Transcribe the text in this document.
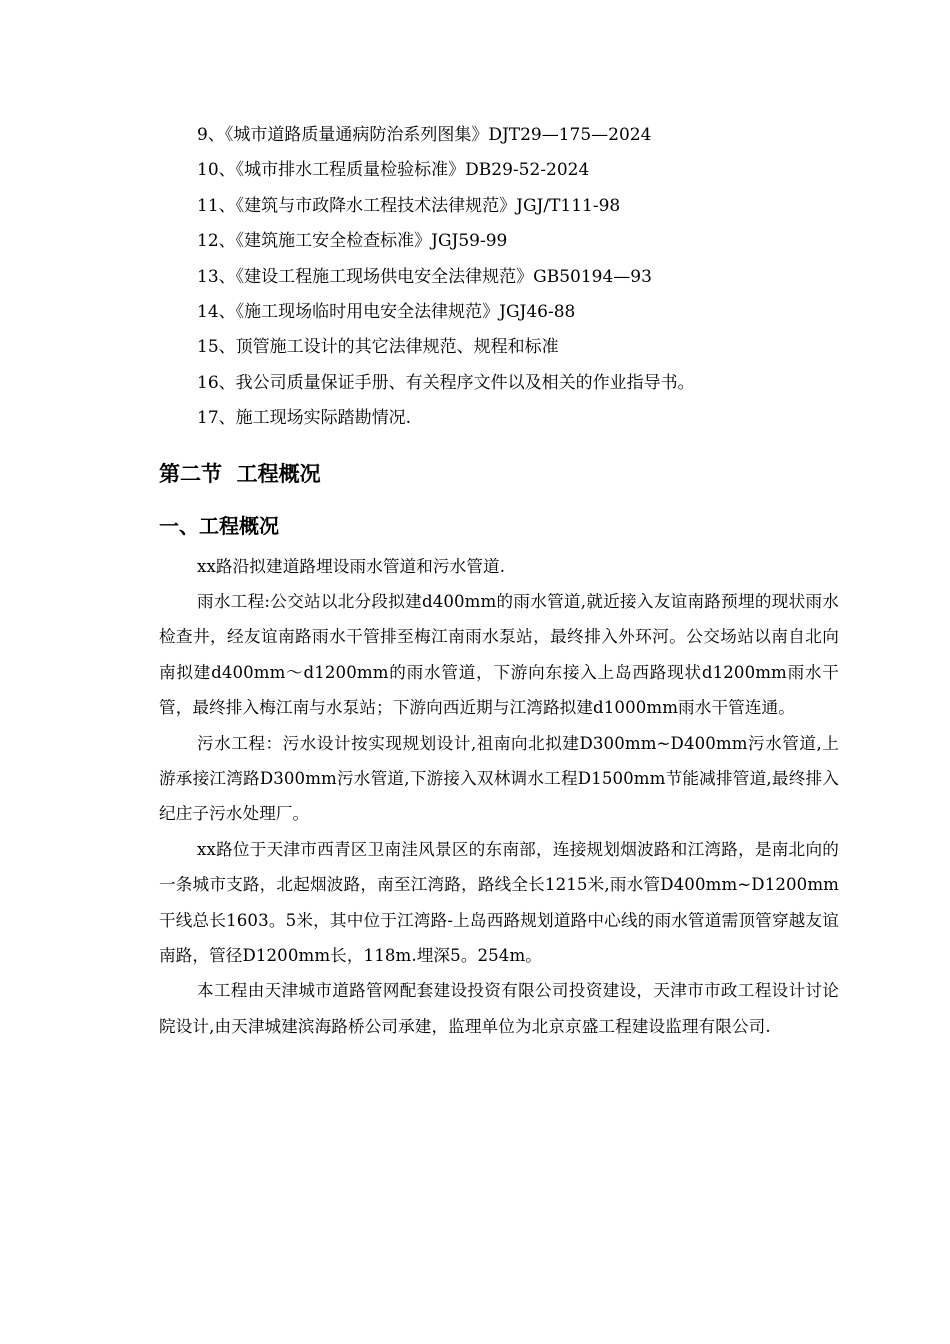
9、《城市道路质量通病防治系列图集》DJT29—175—2024
10、《城市排水工程质量检验标准》DB29-52-2024
11、《建筑与市政降水工程技术法律规范》JGJ/T111-98
12、《建筑施工安全检查标准》JGJ59-99
13、《建设工程施工现场供电安全法律规范》GB50194—93
14、《施工现场临时用电安全法律规范》JGJ46-88
15、顶管施工设计的其它法律规范、规程和标准
16、我公司质量保证手册、有关程序文件以及相关的作业指导书。
17、施工现场实际踏勘情况.
第二节  工程概况
一、工程概况

xx路沿拟建道路埋设雨水管道和污水管道.

雨水工程:公交站以北分段拟建d400mm的雨水管道,就近接入友谊南路预埋的现状雨水检查井，经友谊南路雨水干管排至梅江南雨水泵站，最终排入外环河。公交场站以南自北向南拟建d400mm～d1200mm的雨水管道，下游向东接入上岛西路现状d1200mm雨水干管，最终排入梅江南与水泵站；下游向西近期与江湾路拟建d1000mm雨水干管连通。

污水工程：污水设计按实现规划设计,祖南向北拟建D300mm~D400mm污水管道,上游承接江湾路D300mm污水管道,下游接入双林调水工程D1500mm节能减排管道,最终排入纪庄子污水处理厂。

xx路位于天津市西青区卫南洼风景区的东南部，连接规划烟波路和江湾路，是南北向的一条城市支路，北起烟波路，南至江湾路，路线全长1215米,雨水管D400mm~D1200mm干线总长1603。5米，其中位于江湾路-上岛西路规划道路中心线的雨水管道需顶管穿越友谊南路，管径D1200mm长，118m.埋深5。254m。

本工程由天津城市道路管网配套建设投资有限公司投资建设，天津市市政工程设计讨论院设计,由天津城建滨海路桥公司承建，监理单位为北京京盛工程建设监理有限公司.
